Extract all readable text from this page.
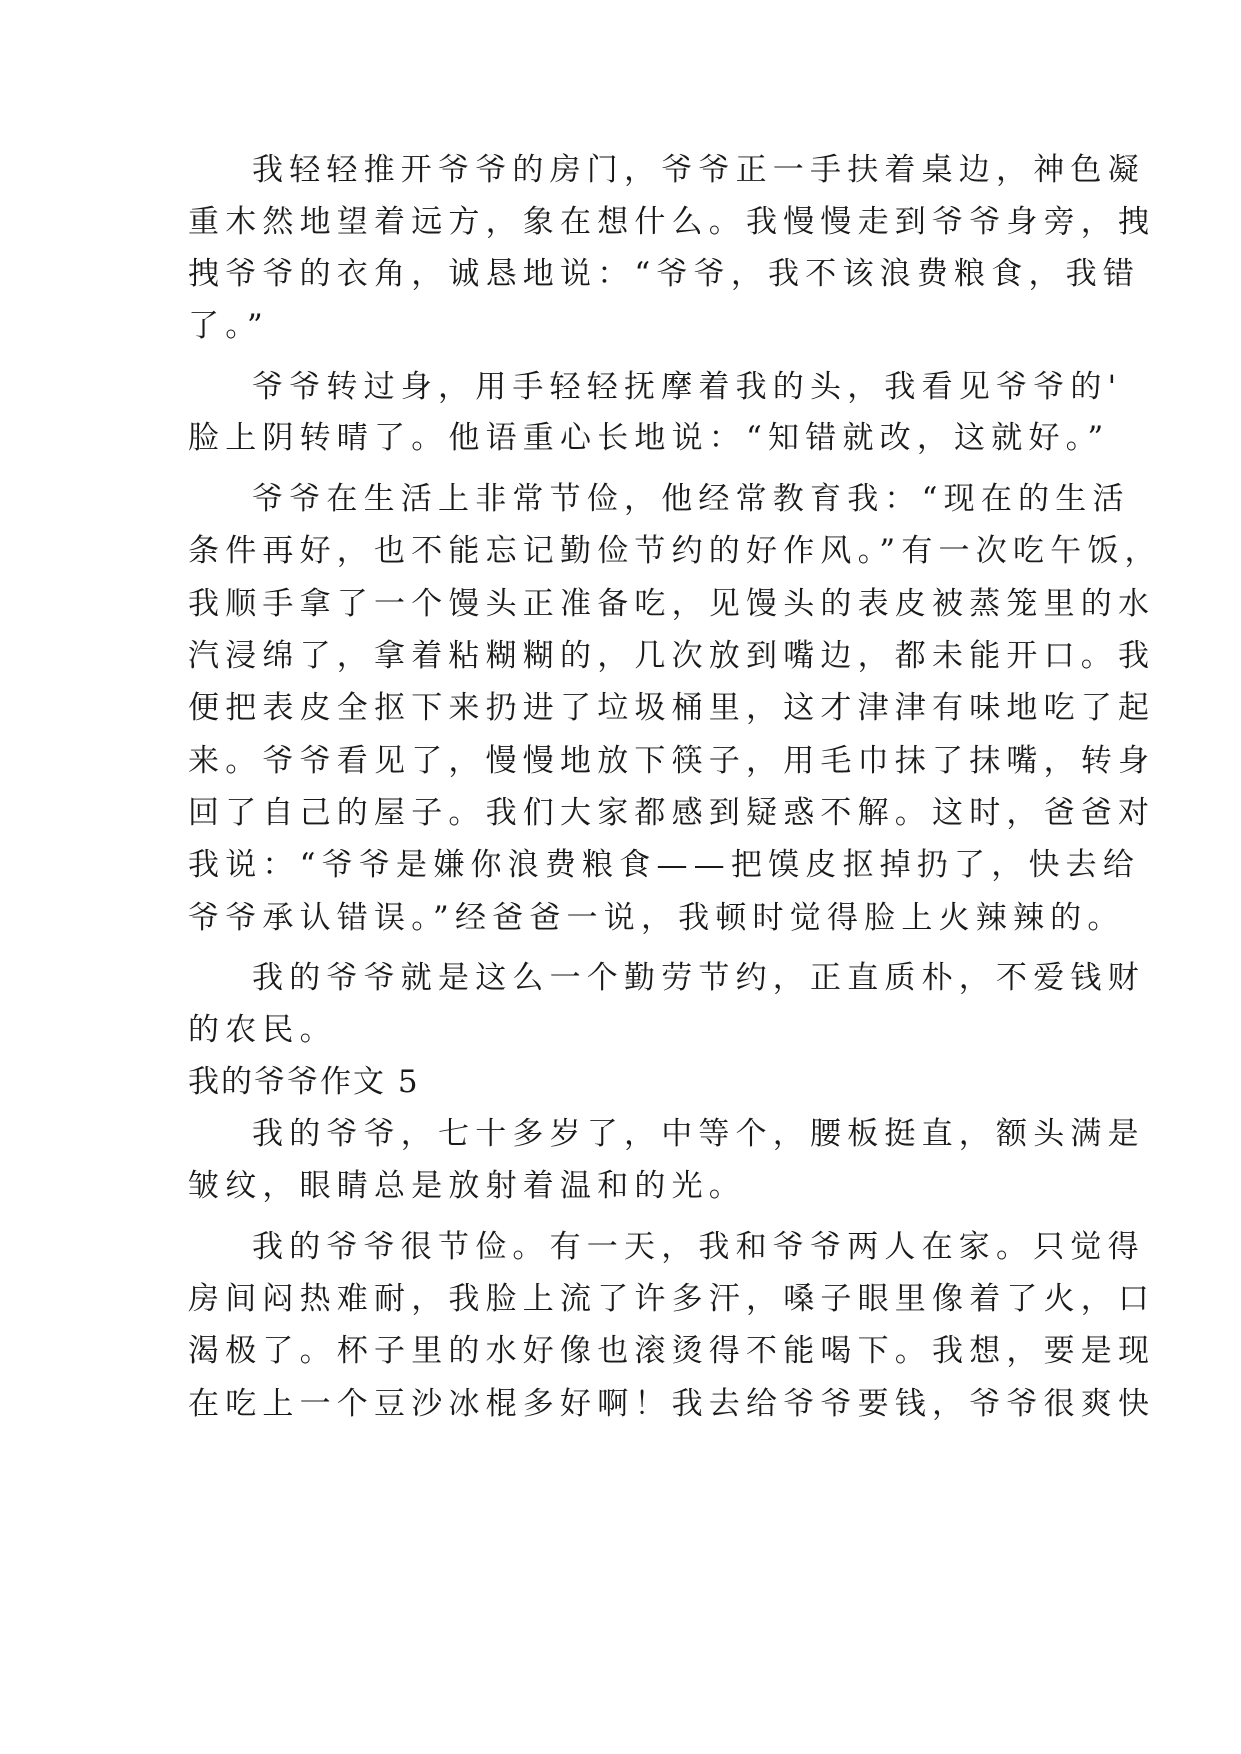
我轻轻推开爷爷的房门，爷爷正一手扶着桌边，神色凝
重木然地望着远方，象在想什么。我慢慢走到爷爷身旁，拽
拽爷爷的衣角，诚恳地说：“爷爷，我不该浪费粮食，我错
了。”
爷爷转过身，用手轻轻抚摩着我的头，我看见爷爷的'
脸上阴转晴了。他语重心长地说：“知错就改，这就好。”
爷爷在生活上非常节俭，他经常教育我：“现在的生活
条件再好，也不能忘记勤俭节约的好作风。”有一次吃午饭，
我顺手拿了一个馒头正准备吃，见馒头的表皮被蒸笼里的水
汽浸绵了，拿着粘糊糊的，几次放到嘴边，都未能开口。我
便把表皮全抠下来扔进了垃圾桶里，这才津津有味地吃了起
来。爷爷看见了，慢慢地放下筷子，用毛巾抹了抹嘴，转身
回了自己的屋子。我们大家都感到疑惑不解。这时，爸爸对
我说：“爷爷是嫌你浪费粮食——把馍皮抠掉扔了，快去给
爷爷承认错误。”经爸爸一说，我顿时觉得脸上火辣辣的。
我的爷爷就是这么一个勤劳节约，正直质朴，不爱钱财
的农民。
我的爷爷作文 5
我的爷爷，七十多岁了，中等个，腰板挺直，额头满是
皱纹，眼睛总是放射着温和的光。
我的爷爷很节俭。有一天，我和爷爷两人在家。只觉得
房间闷热难耐，我脸上流了许多汗，嗓子眼里像着了火，口
渴极了。杯子里的水好像也滚烫得不能喝下。我想，要是现
在吃上一个豆沙冰棍多好啊！我去给爷爷要钱，爷爷很爽快
